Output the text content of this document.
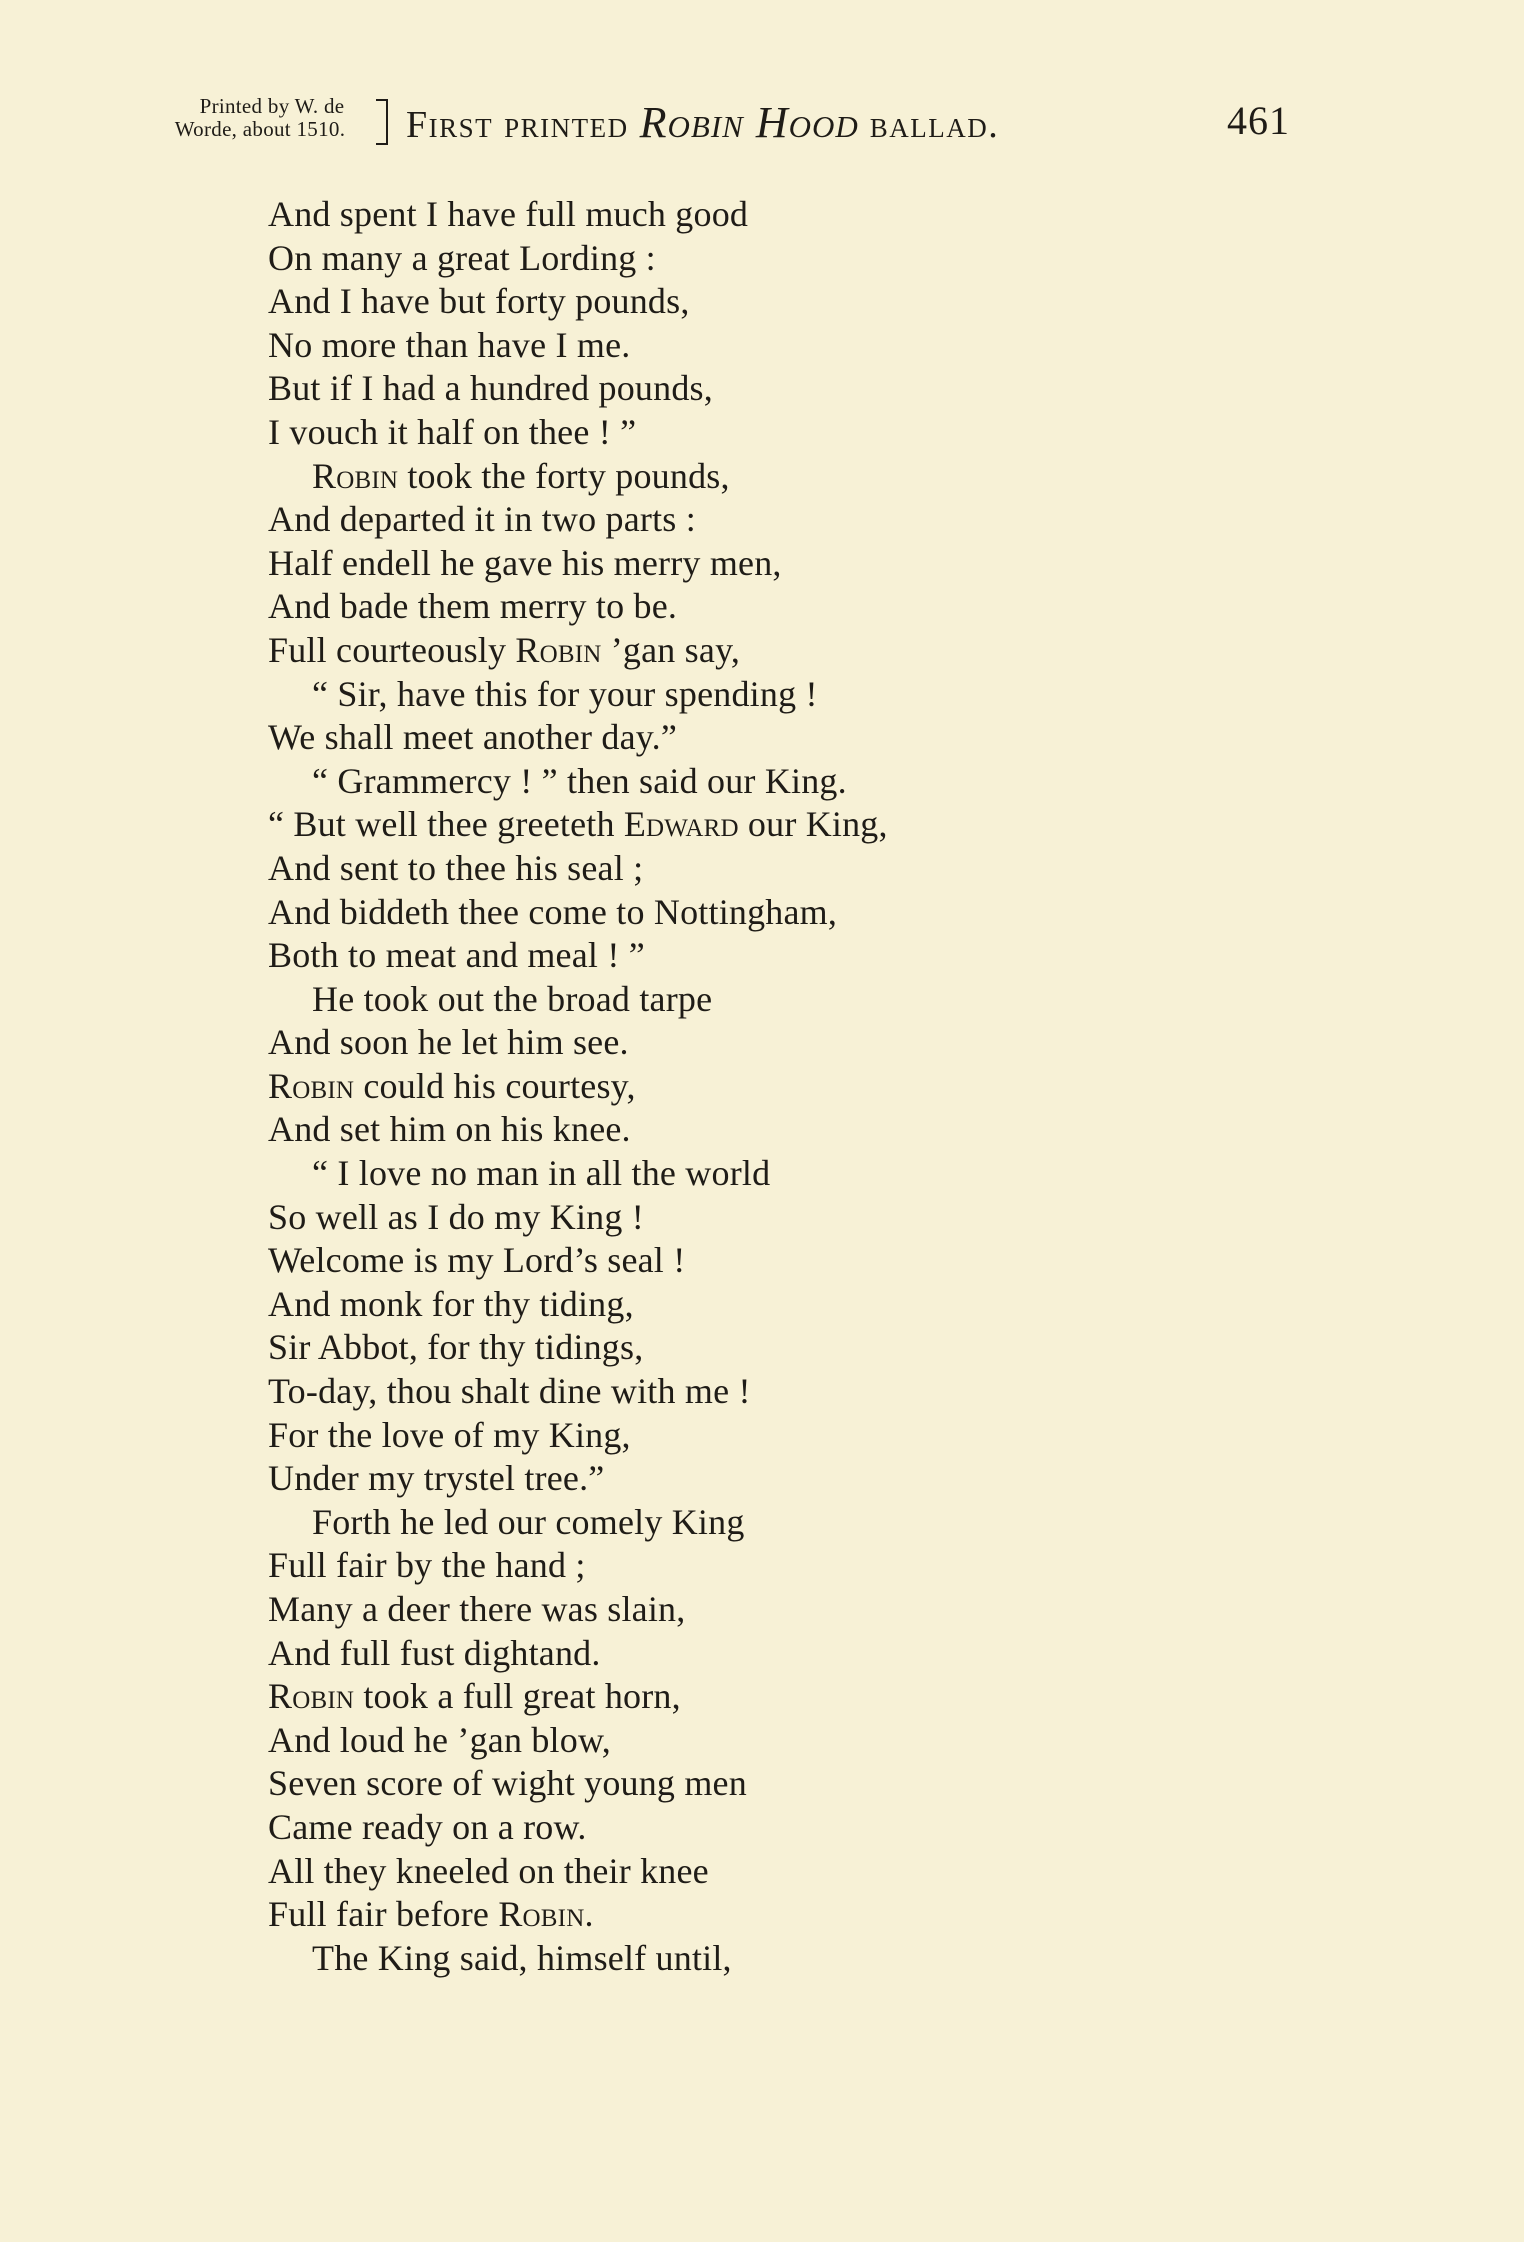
Printed by W. de
Worde, about 1510.	First printed Robin Hood ballad.	461
And spent I have full much good
On many a great Lording :
And I have but forty pounds,
No more than have I me.
But if I had a hundred pounds,
I vouch it half on thee ! ”
Robin took the forty pounds,
And departed it in two parts :
Half endell he gave his merry men,
And bade them merry to be.
Full courteously Robin ’gan say,
“ Sir, have this for your spending !
We shall meet another day.”
“ Grammercy ! ” then said our King.
“ But well thee greeteth Edward our King,
And sent to thee his seal ;
And biddeth thee come to Nottingham,
Both to meat and meal ! ”
He took out the broad tarpe
And soon he let him see.
Robin could his courtesy,
And set him on his knee.
“ I love no man in all the world
So well as I do my King !
Welcome is my Lord’s seal !
And monk for thy tiding,
Sir Abbot, for thy tidings,
To-day, thou shalt dine with me !
For the love of my King,
Under my trystel tree.”
Forth he led our comely King
Full fair by the hand ;
Many a deer there was slain,
And full fust dightand.
Robin took a full great horn,
And loud he ’gan blow,
Seven score of wight young men
Came ready on a row.
All they kneeled on their knee
Full fair before Robin.
The King said, himself until,
